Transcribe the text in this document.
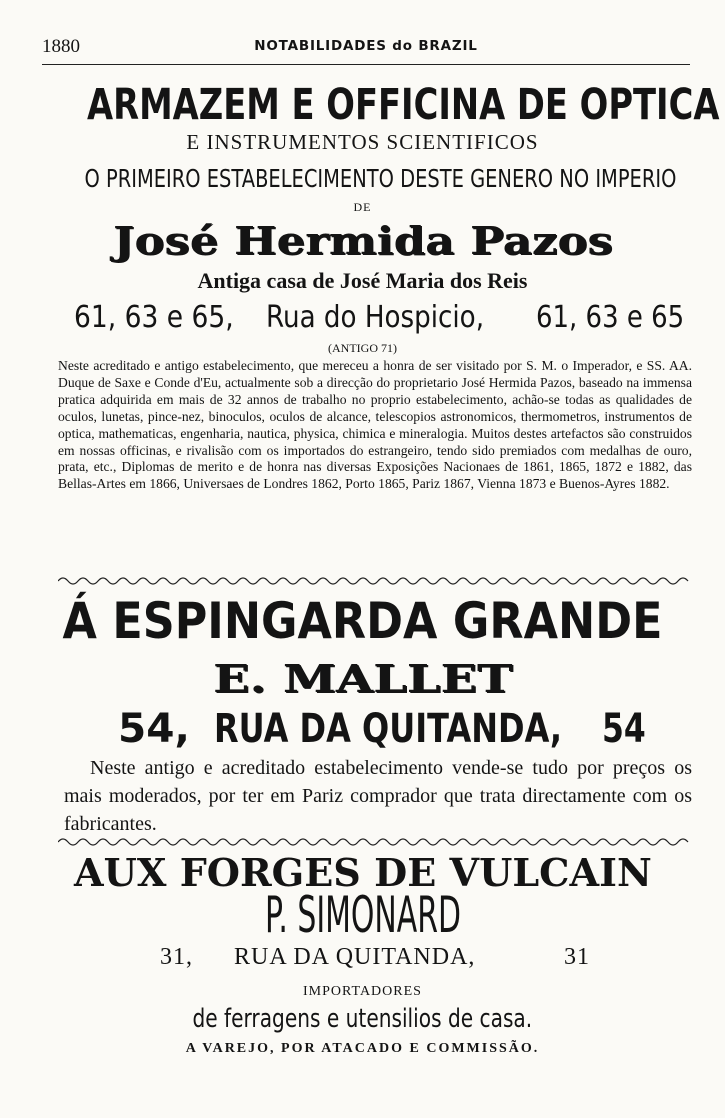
1880	NOTABILIDADES do BRAZIL
ARMAZEM E OFFICINA DE OPTICA
E INSTRUMENTOS SCIENTIFICOS
O PRIMEIRO ESTABELECIMENTO DESTE GENERO NO IMPERIO
DE
José Hermida Pazos
Antiga casa de José Maria dos Reis
61, 63 e 65, Rua do Hospicio, 61, 63 e 65
(ANTIGO 71)
Neste acreditado e antigo estabelecimento, que mereceu a honra de ser visitado por S. M. o Imperador, e SS. AA. Duque de Saxe e Conde d'Eu, actualmente sob a direcção do proprietario José Hermida Pazos, baseado na immensa pratica adquirida em mais de 32 annos de trabalho no proprio estabelecimento, achão-se todas as qualidades de oculos, lunetas, pince-nez, binoculos, oculos de alcance, telescopios astronomicos, thermometros, instrumentos de optica, mathematicas, engenharia, nautica, physica, chimica e mineralogia. Muitos destes artefactos são construidos em nossas officinas, e rivalisão com os importados do estrangeiro, tendo sido premiados com medalhas de ouro, prata, etc., Diplomas de merito e de honra nas diversas Exposições Nacionaes de 1861, 1865, 1872 e 1882, das Bellas-Artes em 1866, Universaes de Londres 1862, Porto 1865, Pariz 1867, Vienna 1873 e Buenos-Ayres 1882.
Á ESPINGARDA GRANDE
E. MALLET
54, RUA DA QUITANDA, 54
Neste antigo e acreditado estabelecimento vende-se tudo por preços os mais moderados, por ter em Pariz comprador que trata directamente com os fabricantes.
AUX FORGES DE VULCAIN
P. SIMONARD
31, RUA DA QUITANDA,	31
IMPORTADORES
de ferragens e utensilios de casa.
A VAREJO, POR ATACADO E COMMISSÃO.
